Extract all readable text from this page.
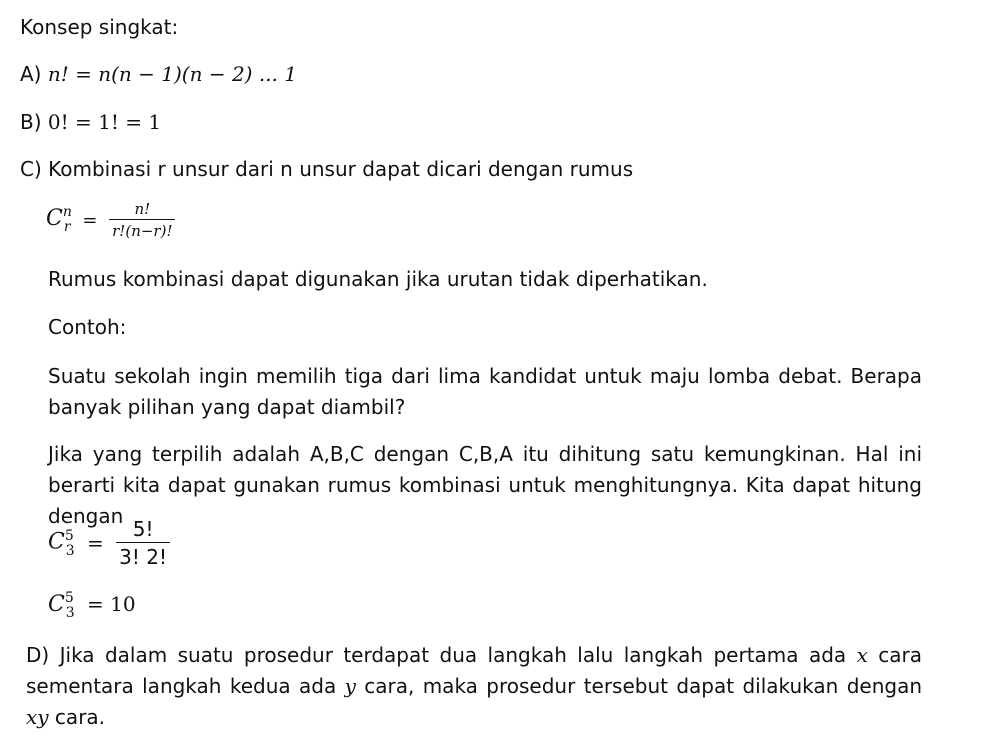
Konsep singkat:
A) n! = n(n − 1)(n − 2) ... 1
B) 0! = 1! = 1
C) Kombinasi r unsur dari n unsur dapat dicari dengan rumus
$C^n_r = \frac{n!}{r!(n-r)!}$
Rumus kombinasi dapat digunakan jika urutan tidak diperhatikan.
Contoh:
Suatu sekolah ingin memilih tiga dari lima kandidat untuk maju lomba debat. Berapa banyak pilihan yang dapat diambil?
Jika yang terpilih adalah A,B,C dengan C,B,A itu dihitung satu kemungkinan. Hal ini berarti kita dapat gunakan rumus kombinasi untuk menghitungnya. Kita dapat hitung dengan
$C^5_3 = \frac{5!}{3! 2!}$
$C^5_3 = 10$
D) Jika dalam suatu prosedur terdapat dua langkah lalu langkah pertama ada x cara sementara langkah kedua ada y cara, maka prosedur tersebut dapat dilakukan dengan xy cara.
